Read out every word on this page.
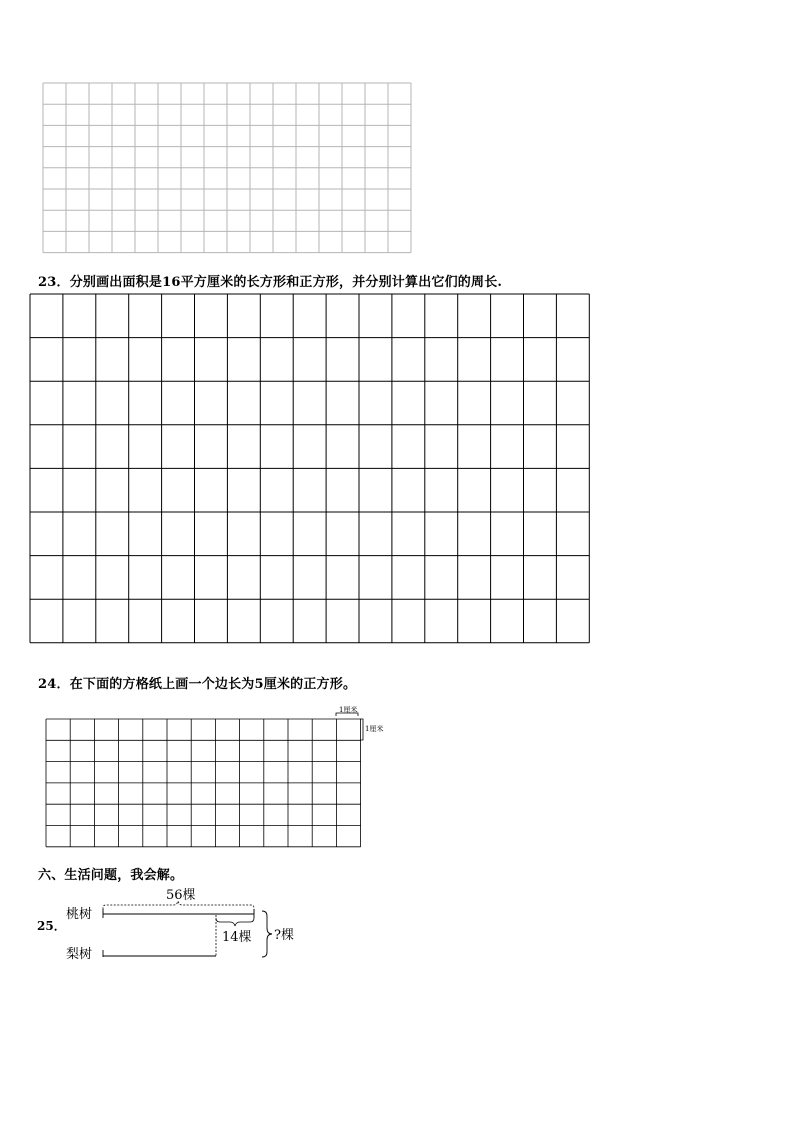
23．分别画出面积是16平方厘米的长方形和正方形，并分别计算出它们的周长.
24．在下面的方格纸上画一个边长为5厘米的正方形。
1厘米
1厘米
六、生活问题，我会解。
25．
桃树
梨树
56棵
14棵 ?棵
